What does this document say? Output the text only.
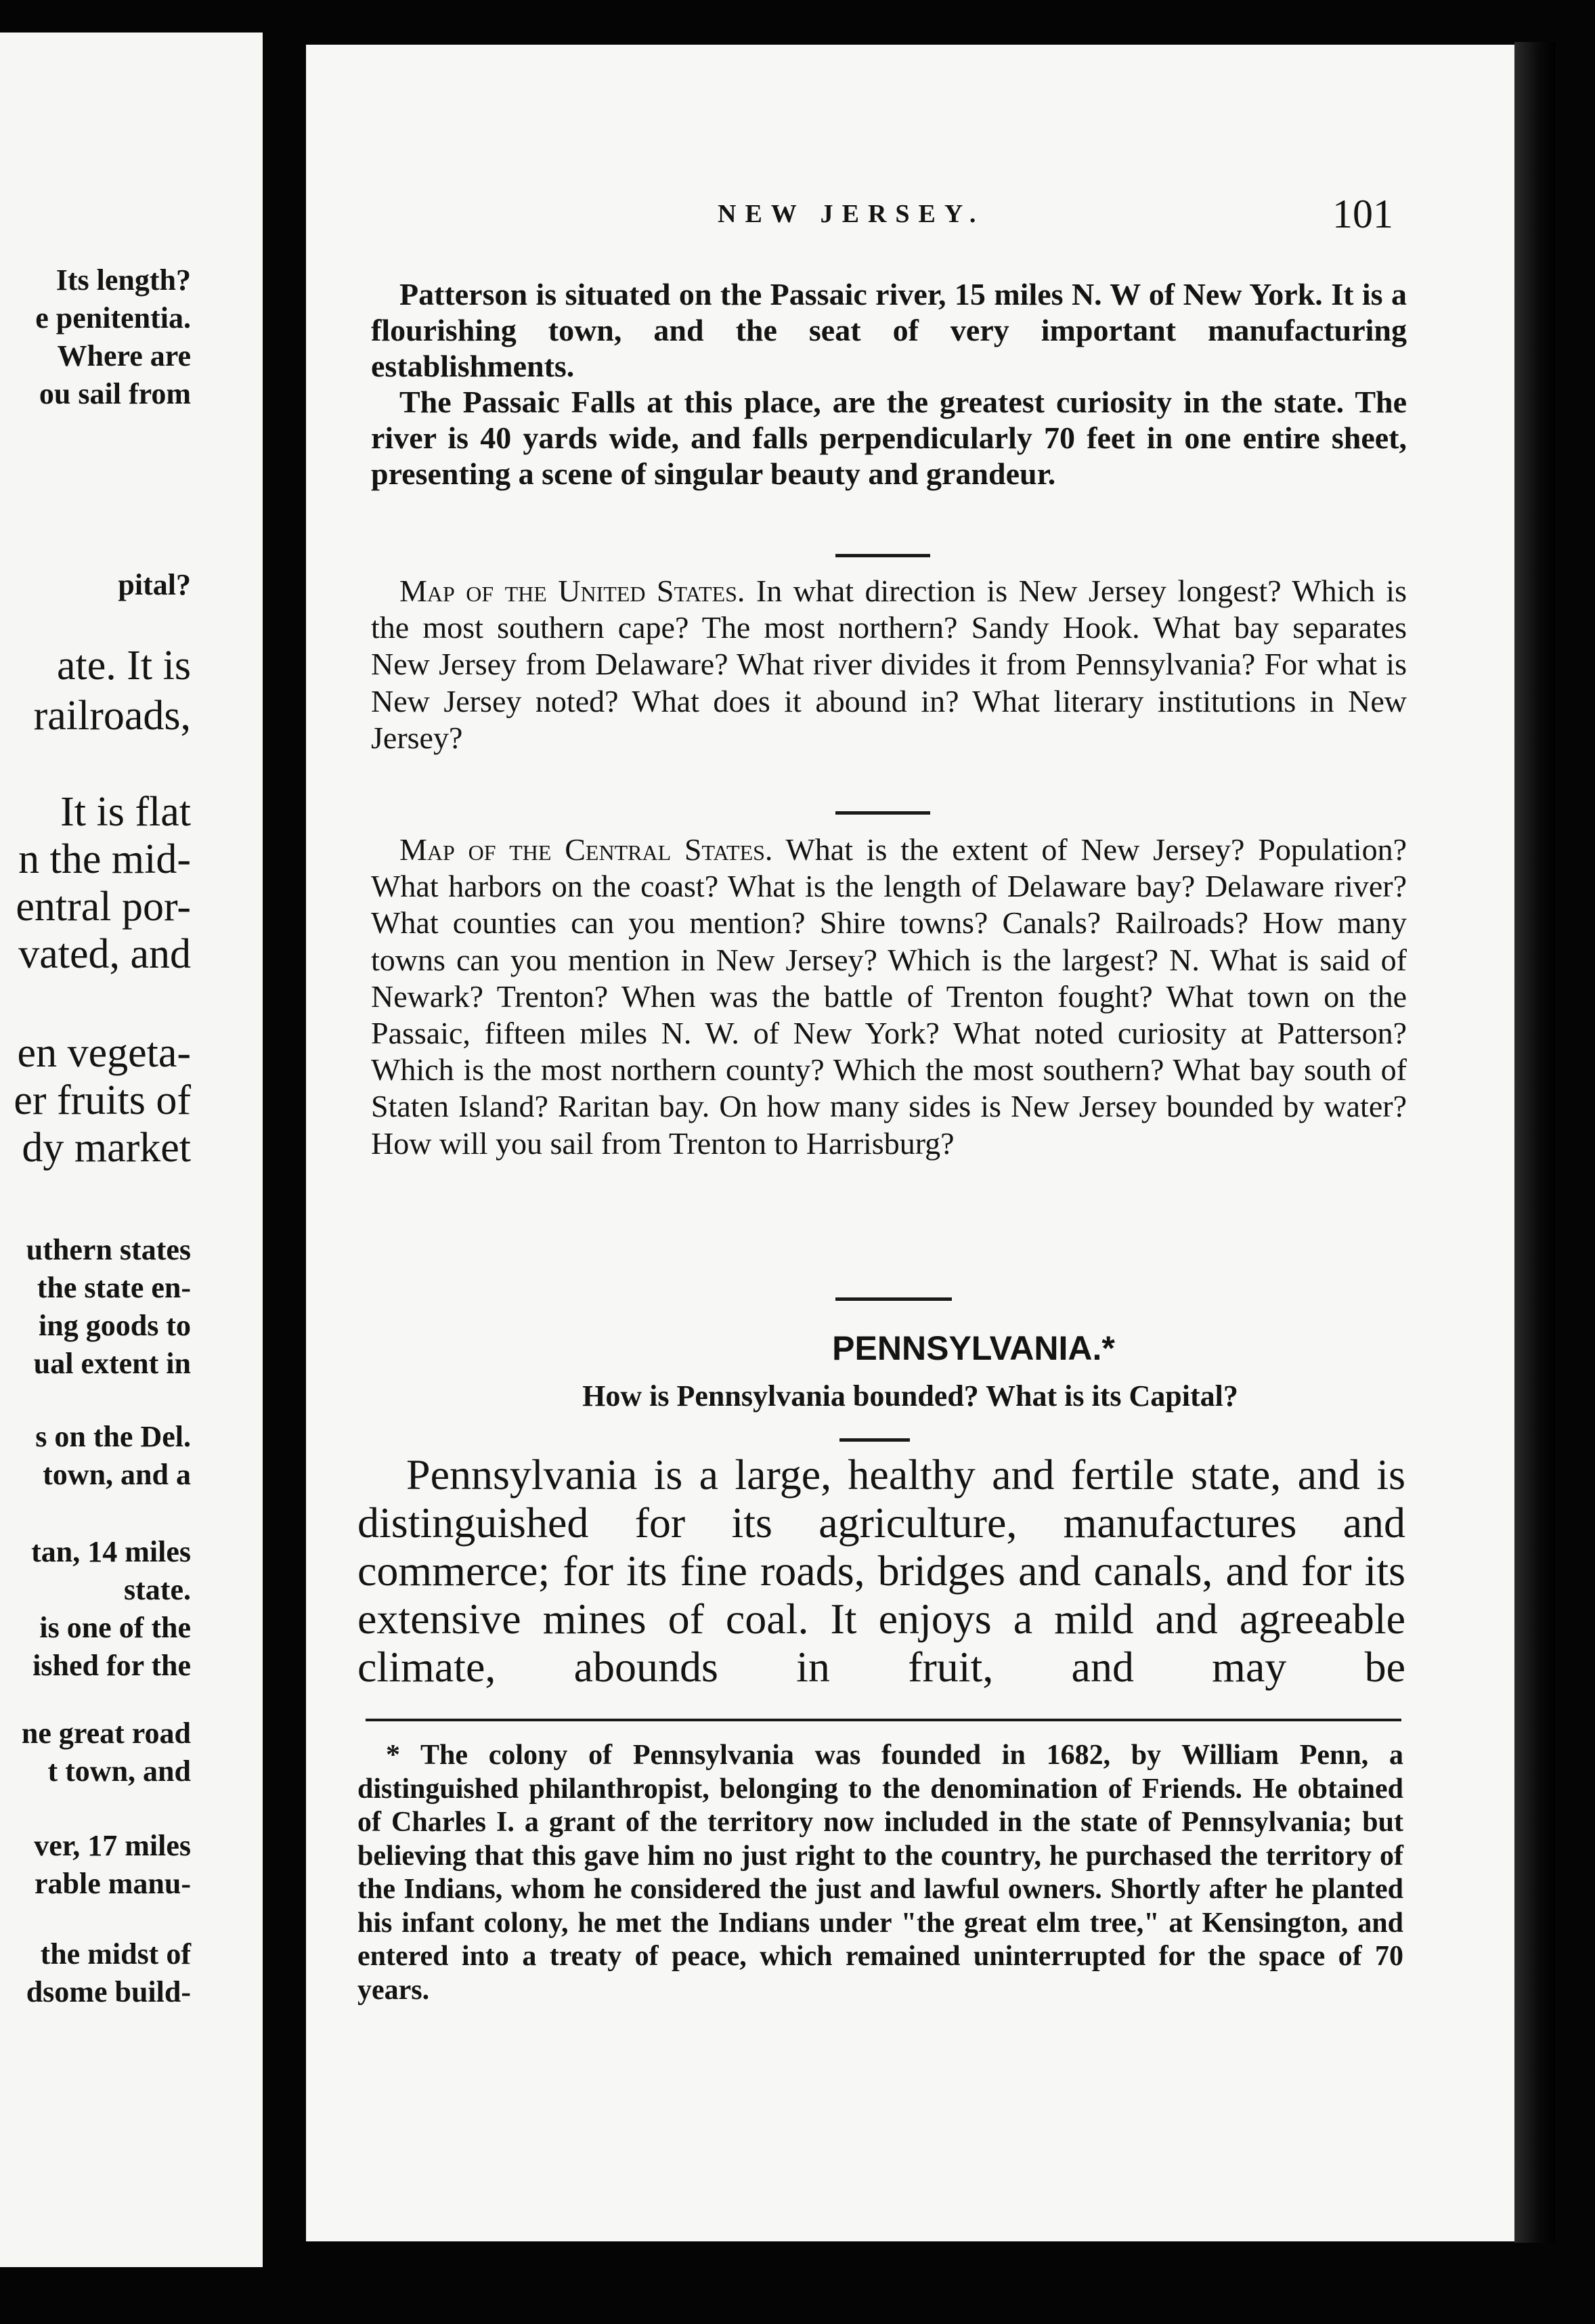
Its length?
e penitentia.
Where are
ou sail from
pital?
ate. It is
railroads,
It is flat
n the mid-
entral por-
vated, and
en vegeta-
er fruits of
dy market
uthern states
the state en-
ing goods to
ual extent in
s on the Del.
town, and a
tan, 14 miles
state.
is one of the
ished for the
ne great road
t town, and
ver, 17 miles
rable manu-
the midst of
dsome build-
NEW JERSEY.	101

Patterson is situated on the Passaic river, 15 miles N. W of New York. It is a flourishing town, and the seat of very important manufacturing establishments.

The Passaic Falls at this place, are the greatest curiosity in the state. The river is 40 yards wide, and falls perpendicularly 70 feet in one entire sheet, presenting a scene of singular beauty and grandeur.

Map of the United States. In what direction is New Jersey longest? Which is the most southern cape? The most northern? Sandy Hook. What bay separates New Jersey from Delaware? What river divides it from Pennsylvania? For what is New Jersey noted? What does it abound in? What literary institutions in New Jersey?

Map of the Central States. What is the extent of New Jersey? Population? What harbors on the coast? What is the length of Delaware bay? Delaware river? What counties can you mention? Shire towns? Canals? Railroads? How many towns can you mention in New Jersey? Which is the largest? N. What is said of Newark? Trenton? When was the battle of Trenton fought? What town on the Passaic, fifteen miles N. W. of New York? What noted curiosity at Patterson? Which is the most northern county? Which the most southern? What bay south of Staten Island? Raritan bay. On how many sides is New Jersey bounded by water? How will you sail from Trenton to Harrisburg?

PENNSYLVANIA.*
How is Pennsylvania bounded? What is its Capital?

Pennsylvania is a large, healthy and fertile state, and is distinguished for its agriculture, manufactures and commerce; for its fine roads, bridges and canals, and for its extensive mines of coal. It enjoys a mild and agreeable climate, abounds in fruit, and may be

* The colony of Pennsylvania was founded in 1682, by William Penn, a distinguished philanthropist, belonging to the denomination of Friends. He obtained of Charles I. a grant of the territory now included in the state of Pennsylvania; but believing that this gave him no just right to the country, he purchased the territory of the Indians, whom he considered the just and lawful owners. Shortly after he planted his infant colony, he met the Indians under "the great elm tree," at Kensington, and entered into a treaty of peace, which remained uninterrupted for the space of 70 years.
